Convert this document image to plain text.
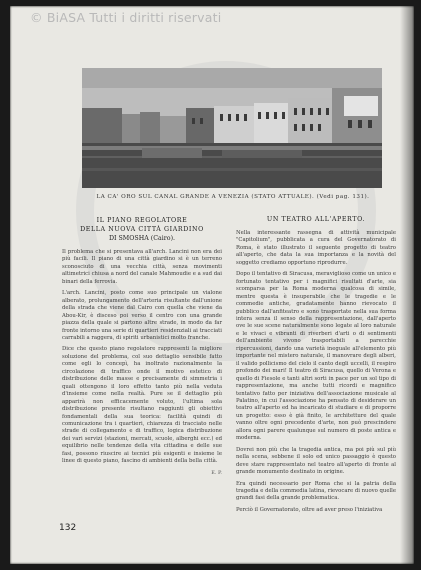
© BiASA Tutti i diritti riservati
LA CA' ORO SUL CANAL GRANDE A VENEZIA (STATO ATTUALE). (Vedi pag. 131).
IL PIANO REGOLATORE
DELLA NUOVA CITTÀ GIARDINO
DI SMOSHA (Cairo).

Il problema che si presentava all'arch. Lancini non era dei più facili. Il piano di una città giardino si è un terreno sconosciuto di una vecchia città, senza movimenti altimetrici chiusa a nord del canale Mahmoudie e a sud dai binari della ferrovia.

L'arch. Lancini, posto come suo principale un vialone alberato, prolungamento dell'arteria risultante dall'unione della strada che viene dal Cairo con quella che viene da Abou-Kir, è disceso poi verso il centro con una grande piazza della quale si partono altre strade, in modo da far fronte intorno una serie di quartieri residenziali ai tracciati carrabili a raggera, di spiriti urbanistici molto franche.

Dice che questo piano regolatore rappresenti la migliore soluzione del problema, col suo dettaglio sensibile fatto come egli lo concepì, ha inoltrato razionalmente la circolazione di traffico onde il motivo estetico di distribuzione delle masse e precisamente di simmetria i quali ottengono il loro effetto tanto più nella veduta d'insieme come nella realtà. Pure se il dettaglio più apparirà non efficacemente voluto, l'ultima sola distribuzione presente risultano raggiunti gli obiettivi fondamentali della sua teorica: facilità quindi di comunicazione tra i quartieri, chiarezza di tracciato nelle strade di collegamento e di traffico, logica distribuzione dei vari servizi (stazioni, mercati, scuole, alberghi ecc.) ed equilibrio nelle tendenze della vita cittadina e delle sue fasi, possono riuscire ai tecnici più esigenti e insieme le linee di questo piano, fascino di ambienti della bella città.

E. P.
UN TEATRO ALL'APERTO.

Nella interessante rassegna di attività municipale "Capitolium", pubblicata a cura del Governatorato di Roma, è stato illustrato il seguente progetto di teatro all'aperto, che data la sua importanza e la novità del soggetto crediamo opportuno riprodurre.

Dopo il tentativo di Siracusa, meraviglioso come un unico e fortunato tentativo per i magnifici risultati d'arte, sia scomparsa per la Roma moderna qualcosa di simile, mentre questa è insuperabile che le tragedie e le commedie antiche, gradatamente hanno rievocato il pubblico dall'anfiteatro e sono trasportate nella sua forma intera senza il senso della rappresentazione, dall'aperto ove le sue scene naturalmente sono legate al loro naturale e le vivaci e vibranti di riverberi d'arti o di sentimenti dell'ambiente vivono trasportabili a parecchie ripercussioni, dando una varietà ineguale all'elemento più importante nel mistero naturale, il manovrare degli alberi, il valido pollicismo del cielo il canto degli uccelli, il respiro profondo dei mari! Il teatro di Siracusa, quello di Verona e quello di Fiesole e tanti altri sorti in pace per un sol tipo di rappresentazione, ma anche tutti ricordi e magnifico tentativo fatto per iniziativa dell'associazione musicale al Palatino, in cui l'associazione ha pensato di desiderare un teatro all'aperto ed ha incaricato di studiare e di proporre un progetto: esso è già finito, le architetture del quale vanno oltre ogni precedente d'arte, non può prescindere allora ogni parere qualunque sul numero di poste antica e moderna.

Dovrei non più che la tragedia antica, ma poi più sul più nella scena, sebbene il solo ed unico passaggio è questo deve stare rappresentato nel teatro all'aperto di fronte al grande monumento destinato in origine.

Era quindi necessario per Roma che si la patria della tragedia e della commedia latina, rievocare di nuovo quelle grandi fasi della grande problematica.

Perciò il Governatorato, oltre ad aver preso l'iniziativa

132
